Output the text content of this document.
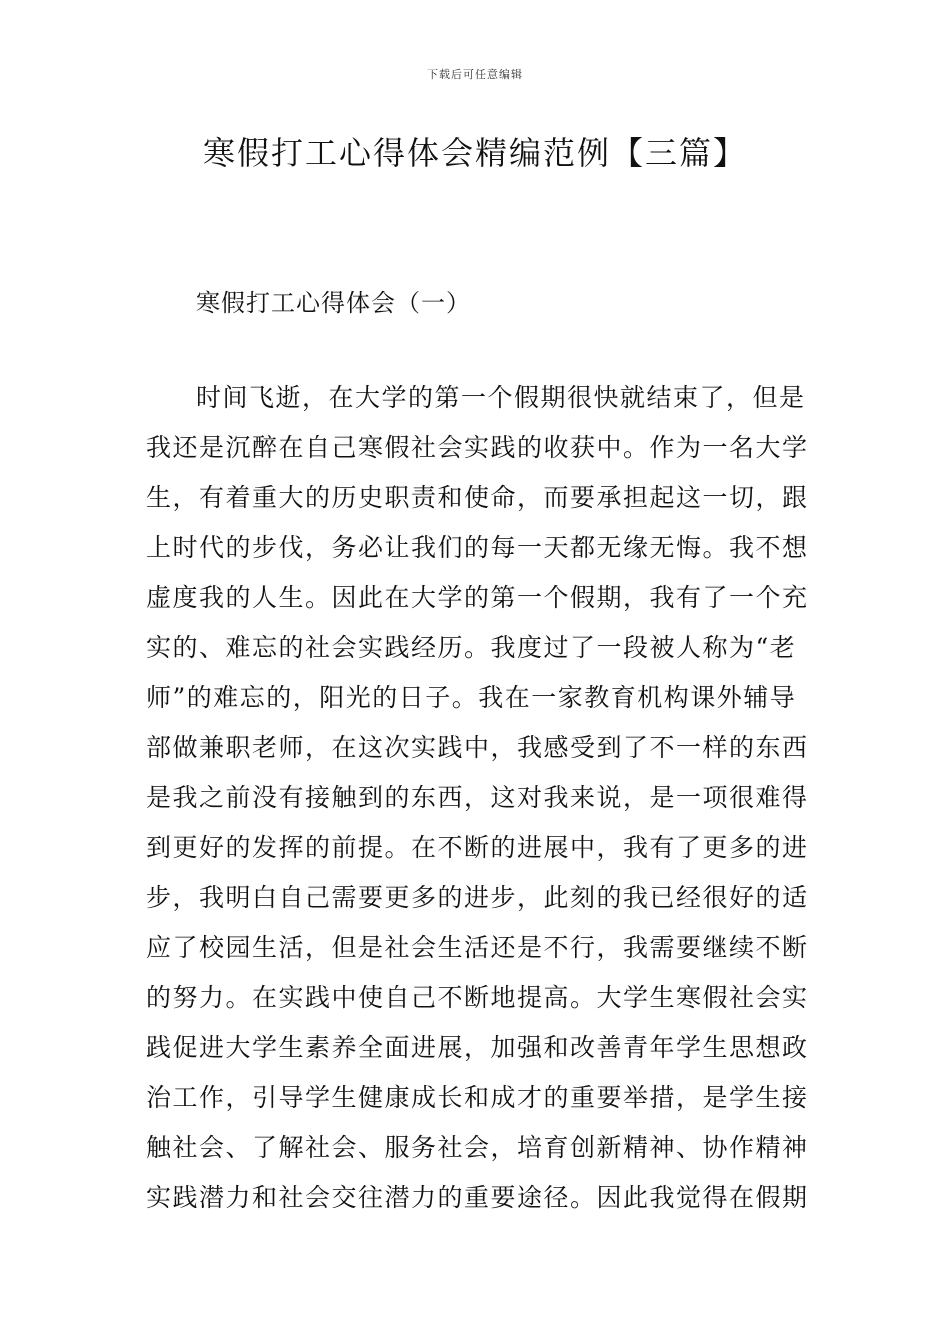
下载后可任意编辑
寒假打工心得体会精编范例【三篇】
寒假打工心得体会（一）
时间飞逝，在大学的第一个假期很快就结束了，但是
我还是沉醉在自己寒假社会实践的收获中。作为一名大学
生，有着重大的历史职责和使命，而要承担起这一切，跟
上时代的步伐，务必让我们的每一天都无缘无悔。我不想
虚度我的人生。因此在大学的第一个假期，我有了一个充
实的、难忘的社会实践经历。我度过了一段被人称为“老
师”的难忘的，阳光的日子。我在一家教育机构课外辅导
部做兼职老师，在这次实践中，我感受到了不一样的东西
是我之前没有接触到的东西，这对我来说，是一项很难得
到更好的发挥的前提。在不断的进展中，我有了更多的进
步，我明白自己需要更多的进步，此刻的我已经很好的适
应了校园生活，但是社会生活还是不行，我需要继续不断
的努力。在实践中使自己不断地提高。大学生寒假社会实
践促进大学生素养全面进展，加强和改善青年学生思想政
治工作，引导学生健康成长和成才的重要举措，是学生接
触社会、了解社会、服务社会，培育创新精神、协作精神
实践潜力和社会交往潜力的重要途径。因此我觉得在假期
